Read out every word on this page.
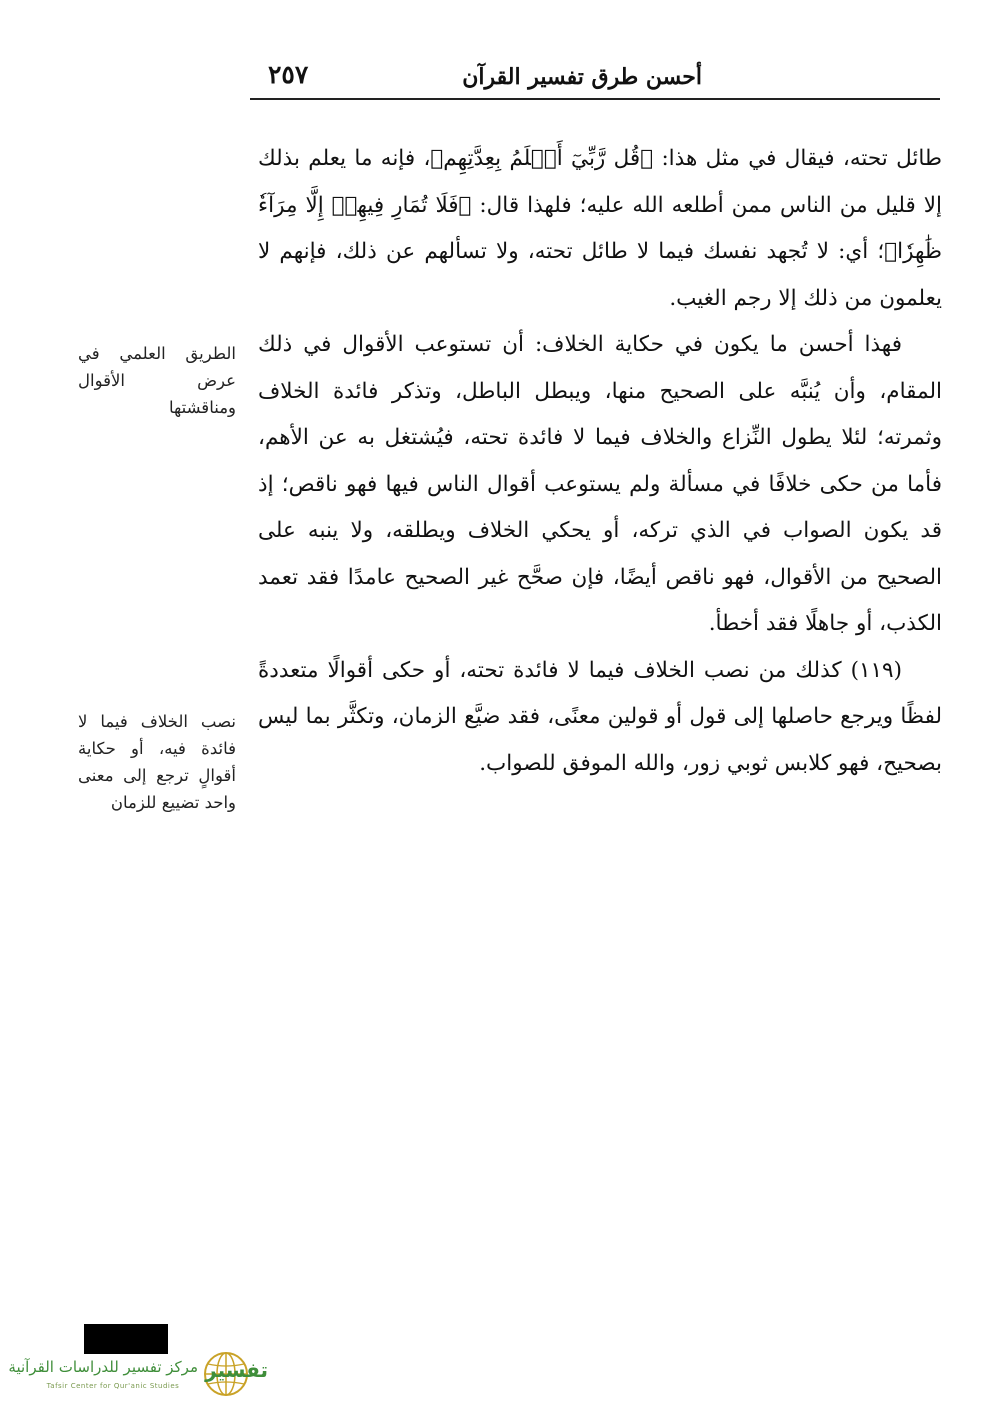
أحسن طرق تفسير القرآن
٢٥٧

طائل تحته، فيقال في مثل هذا: ﴿قُل رَّبِّيٓ أَعۡلَمُ بِعِدَّتِهِم﴾، فإنه ما يعلم بذلك إلا قليل من الناس ممن أطلعه الله عليه؛ فلهذا قال: ﴿فَلَا تُمَارِ فِيهِمۡ إِلَّا مِرَآءٗ ظَٰهِرٗا﴾؛ أي: لا تُجهد نفسك فيما لا طائل تحته، ولا تسألهم عن ذلك، فإنهم لا يعلمون من ذلك إلا رجم الغيب.

فهذا أحسن ما يكون في حكاية الخلاف: أن تستوعب الأقوال في ذلك المقام، وأن يُنبَّه على الصحيح منها، ويبطل الباطل، وتذكر فائدة الخلاف وثمرته؛ لئلا يطول النِّزاع والخلاف فيما لا فائدة تحته، فيُشتغل به عن الأهم، فأما من حكى خلافًا في مسألة ولم يستوعب أقوال الناس فيها فهو ناقص؛ إذ قد يكون الصواب في الذي تركه، أو يحكي الخلاف ويطلقه، ولا ينبه على الصحيح من الأقوال، فهو ناقص أيضًا، فإن صحَّح غير الصحيح عامدًا فقد تعمد الكذب، أو جاهلًا فقد أخطأ.

(١١٩) كذلك من نصب الخلاف فيما لا فائدة تحته، أو حكى أقوالًا متعددةً لفظًا ويرجع حاصلها إلى قول أو قولين معنًى، فقد ضيَّع الزمان، وتكثَّر بما ليس بصحيح، فهو كلابس ثوبي زور، والله الموفق للصواب.

الطريق العلمي في عرض الأقوال ومناقشتها
نصب الخلاف فيما لا فائدة فيه، أو حكاية أقوالٍ ترجع إلى معنى واحد تضييع للزمان
تفسير
مركز تفسير للدراسات القرآنية
Tafsir Center for Qur'anic Studies
